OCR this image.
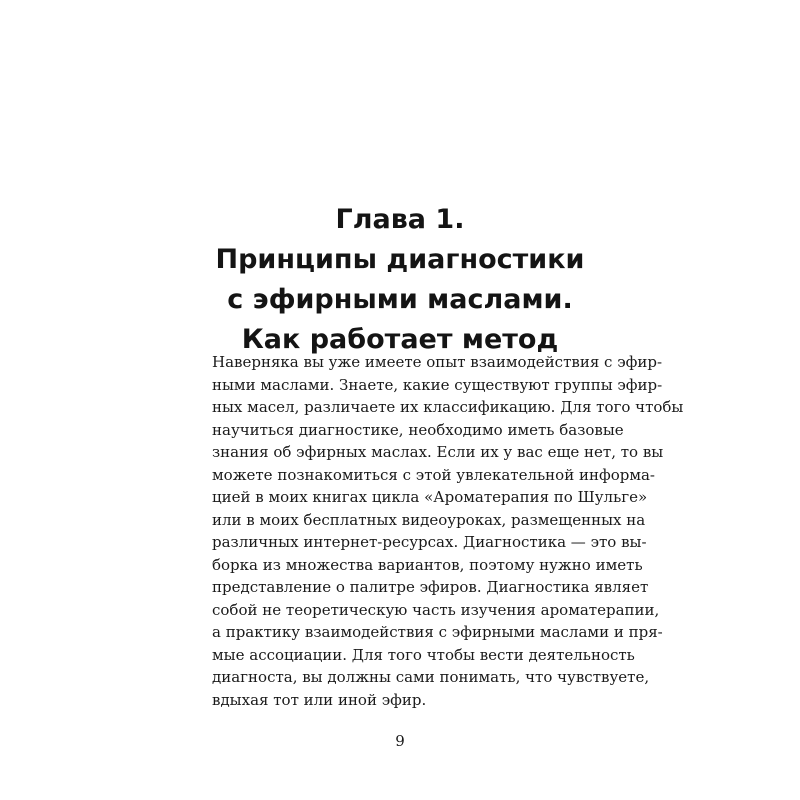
Глава 1.
Принципы диагностики
с эфирными маслами.
Как работает метод
Наверняка вы уже имеете опыт взаимодействия с эфир-
ными маслами. Знаете, какие существуют группы эфир-
ных масел, различаете их классификацию. Для того чтобы
научиться диагностике, необходимо иметь базовые
знания об эфирных маслах. Если их у вас еще нет, то вы
можете познакомиться с этой увлекательной информа-
цией в моих книгах цикла «Ароматерапия по Шульге»
или в моих бесплатных видеоуроках, размещенных на
различных интернет-ресурсах. Диагностика — это вы-
борка из множества вариантов, поэтому нужно иметь
представление о палитре эфиров. Диагностика являет
собой не теоретическую часть изучения ароматерапии,
а практику взаимодействия с эфирными маслами и пря-
мые ассоциации. Для того чтобы вести деятельность
диагноста, вы должны сами понимать, что чувствуете,
вдыхая тот или иной эфир.
9
